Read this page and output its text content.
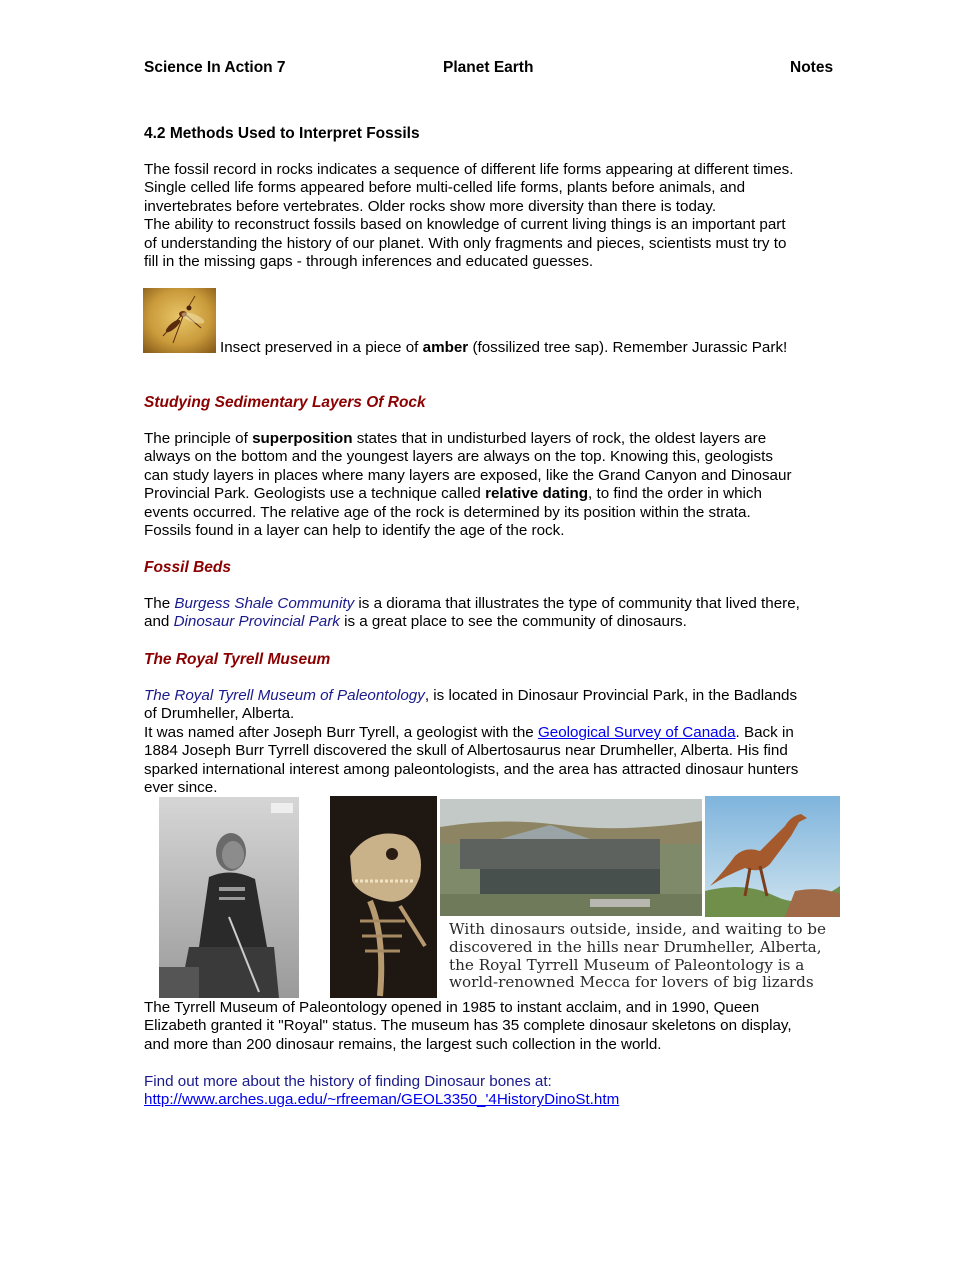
Science In Action 7	Planet Earth	Notes
4.2 Methods Used to Interpret Fossils
The fossil record in rocks indicates a sequence of different life forms appearing at different times.
Single celled life forms appeared before multi-celled life forms, plants before animals, and
invertebrates before vertebrates. Older rocks show more diversity than there is today.
The ability to reconstruct fossils based on knowledge of current living things is an important part
of understanding the history of our planet. With only fragments and pieces, scientists must try to
fill in the missing gaps - through inferences and educated guesses.
Insect preserved in a piece of amber (fossilized tree sap). Remember Jurassic Park!
Studying Sedimentary Layers Of Rock
The principle of superposition states that in undisturbed layers of rock, the oldest layers are
always on the bottom and the youngest layers are always on the top. Knowing this, geologists
can study layers in places where many layers are exposed, like the Grand Canyon and Dinosaur
Provincial Park. Geologists use a technique called relative dating, to find the order in which
events occurred. The relative age of the rock is determined by its position within the strata.
Fossils found in a layer can help to identify the age of the rock.
Fossil Beds
The Burgess Shale Community is a diorama that illustrates the type of community that lived there,
and Dinosaur Provincial Park is a great place to see the community of dinosaurs.
The Royal Tyrell Museum
The Royal Tyrell Museum of Paleontology, is located in Dinosaur Provincial Park, in the Badlands
of Drumheller, Alberta.
It was named after Joseph Burr Tyrell, a geologist with the Geological Survey of Canada. Back in
1884 Joseph Burr Tyrrell discovered the skull of Albertosaurus near Drumheller, Alberta. His find
sparked international interest among paleontologists, and the area has attracted dinosaur hunters
ever since.
With dinosaurs outside, inside, and waiting to be
discovered in the hills near Drumheller, Alberta,
the Royal Tyrrell Museum of Paleontology is a
world-renowned Mecca for lovers of big lizards
The Tyrrell Museum of Paleontology opened in 1985 to instant acclaim, and in 1990, Queen
Elizabeth granted it "Royal" status. The museum has 35 complete dinosaur skeletons on display,
and more than 200 dinosaur remains, the largest such collection in the world.
Find out more about the history of finding Dinosaur bones at:
http://www.arches.uga.edu/~rfreeman/GEOL3350_'4HistoryDinoSt.htm
